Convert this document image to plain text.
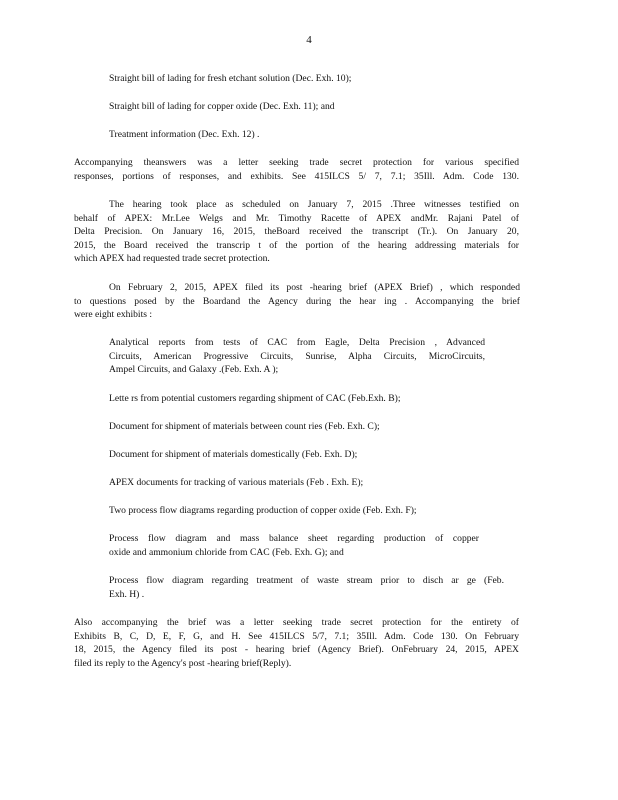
4
Straight bill of lading for fresh etchant solution (Dec. Exh. 10);
Straight bill of lading for copper oxide (Dec. Exh. 11); and
Treatment information (Dec. Exh. 12) .
Accompanying theanswers was a letter seeking trade secret protection for various specified
responses, portions of responses, and exhibits. See 415ILCS 5/ 7, 7.1; 35Ill. Adm. Code 130.
The hearing took place as scheduled on January 7, 2015 .Three witnesses testified on
behalf of APEX: Mr.Lee Welgs and Mr. Timothy Racette of APEX andMr. Rajani Patel of
Delta Precision. On January 16, 2015, theBoard received the transcript (Tr.). On January 20,
2015, the Board received the transcrip t of the portion of the hearing addressing materials for
which APEX had requested trade secret protection.
On February 2, 2015, APEX filed its post -hearing brief (APEX Brief) , which responded
to questions posed by the Boardand the Agency during the hear ing . Accompanying the brief
were eight exhibits :
Analytical reports from tests of CAC from Eagle, Delta Precision , Advanced
Circuits, American Progressive Circuits, Sunrise, Alpha Circuits, MicroCircuits,
Ampel Circuits, and Galaxy .(Feb. Exh. A );
Lette rs from potential customers regarding shipment of CAC (Feb.Exh. B);
Document for shipment of materials between count ries (Feb. Exh. C);
Document for shipment of materials domestically (Feb. Exh. D);
APEX documents for tracking of various materials (Feb . Exh. E);
Two process flow diagrams regarding production of copper oxide (Feb. Exh. F);
Process flow diagram and mass balance sheet regarding production of copper
oxide and ammonium chloride from CAC (Feb. Exh. G); and
Process flow diagram regarding treatment of waste stream prior to disch ar ge (Feb.
Exh. H) .
Also accompanying the brief was a letter seeking trade secret protection for the entirety of
Exhibits B, C, D, E, F, G, and H. See 415ILCS 5/7, 7.1; 35Ill. Adm. Code 130. On February
18, 2015, the Agency filed its post - hearing brief (Agency Brief). OnFebruary 24, 2015, APEX
filed its reply to the Agency's post -hearing brief(Reply).
